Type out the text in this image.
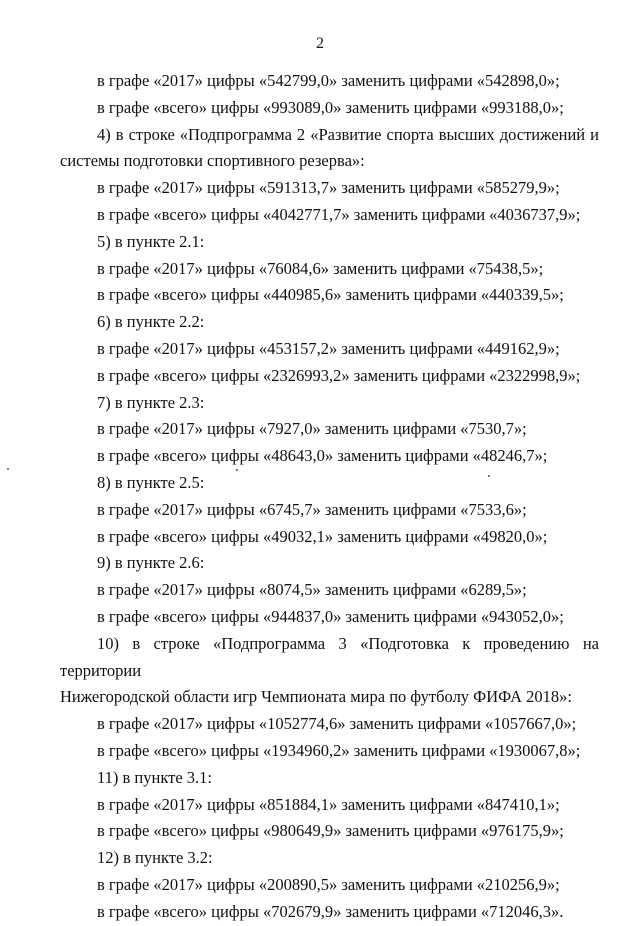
2

в графе «2017» цифры «542799,0» заменить цифрами «542898,0»;

в графе «всего» цифры «993089,0» заменить цифрами «993188,0»;

4) в строке «Подпрограмма 2 «Развитие спорта высших достижений и

системы подготовки спортивного резерва»:

в графе «2017» цифры «591313,7» заменить цифрами «585279,9»;

в графе «всего» цифры «4042771,7» заменить цифрами «4036737,9»;

5) в пункте 2.1:

в графе «2017» цифры «76084,6» заменить цифрами «75438,5»;

в графе «всего» цифры «440985,6» заменить цифрами «440339,5»;

6) в пункте 2.2:

в графе «2017» цифры «453157,2» заменить цифрами «449162,9»;

в графе «всего» цифры «2326993,2» заменить цифрами «2322998,9»;

7) в пункте 2.3:

в графе «2017» цифры «7927,0» заменить цифрами «7530,7»;

в графе «всего» цифры «48643,0» заменить цифрами «48246,7»;

8) в пункте 2.5:

в графе «2017» цифры «6745,7» заменить цифрами «7533,6»;

в графе «всего» цифры «49032,1» заменить цифрами «49820,0»;

9) в пункте 2.6:

в графе «2017» цифры «8074,5» заменить цифрами «6289,5»;

в графе «всего» цифры «944837,0» заменить цифрами «943052,0»;

10) в строке «Подпрограмма 3 «Подготовка к проведению на территории

Нижегородской области игр Чемпионата мира по футболу ФИФА 2018»:

в графе «2017» цифры «1052774,6» заменить цифрами «1057667,0»;

в графе «всего» цифры «1934960,2» заменить цифрами «1930067,8»;

11) в пункте 3.1:

в графе «2017» цифры «851884,1» заменить цифрами «847410,1»;

в графе «всего» цифры «980649,9» заменить цифрами «976175,9»;

12) в пункте 3.2:

в графе «2017» цифры «200890,5» заменить цифрами «210256,9»;

в графе «всего» цифры «702679,9» заменить цифрами «712046,3».
